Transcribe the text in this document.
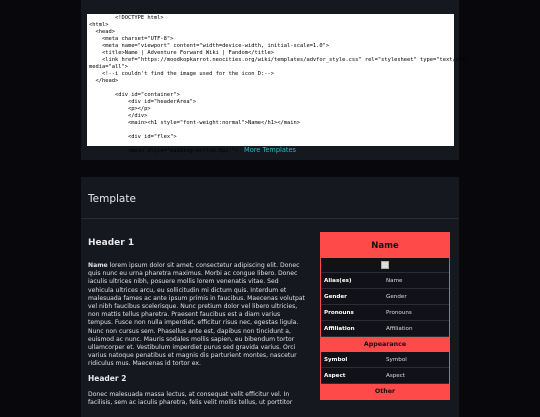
<!DOCTYPE html>
<html>
<head>
<meta charset="UTF-8">
<meta name="viewport" content="width=device-width, initial-scale=1.0">
<title>Name | Adventure Forward Wiki | Fandom</title>
<link href="https://moodkopkarrot.neocities.org/wiki/templates/advfor_style.css" rel="stylesheet" type="text/css"
media="all">
<!--i couldn't find the image used for the icon D:-->
</head>

<div id="container">
<div id="headerArea">
<p></p>
</div>
<main><h1 style="font-weight:normal">Name</h1></main>

<div id="flex">

<main style="padding-bottom:0px;"> More Templates
Template
Header 1

Name lorem ipsum dolor sit amet, consectetur adipiscing elit. Donec quis nunc eu urna pharetra maximus. Morbi ac congue libero. Donec iaculis ultrices nibh, posuere mollis lorem venenatis vitae. Sed vehicula ultrices arcu, eu sollicitudin mi dictum quis. Interdum et malesuada fames ac ante ipsum primis in faucibus. Maecenas volutpat vel nibh faucibus scelerisque. Nunc pretium dolor vel libero ultricies, non mattis tellus pharetra. Praesent faucibus est a diam varius tempus. Fusce non nulla imperdiet, efficitur risus nec, egestas ligula. Nunc non cursus sem. Phasellus ante est, dapibus non tincidunt a, euismod ac nunc. Mauris sodales mollis sapien, eu bibendum tortor ullamcorper et. Vestibulum imperdiet purus sed gravida varius. Orci varius natoque penatibus et magnis dis parturient montes, nascetur ridiculus mus. Maecenas id tortor ex.

Header 2

Donec malesuada massa lectus, at consequat velit efficitur vel. In facilisis, sem ac iaculis pharetra, felis velit mollis tellus, ut porttitor

Name
Alias(es)	Name
Gender	Gender
Pronouns	Pronouns
Affiliation	Affiliation
Appearance
Symbol	Symbol
Aspect	Aspect
Other
